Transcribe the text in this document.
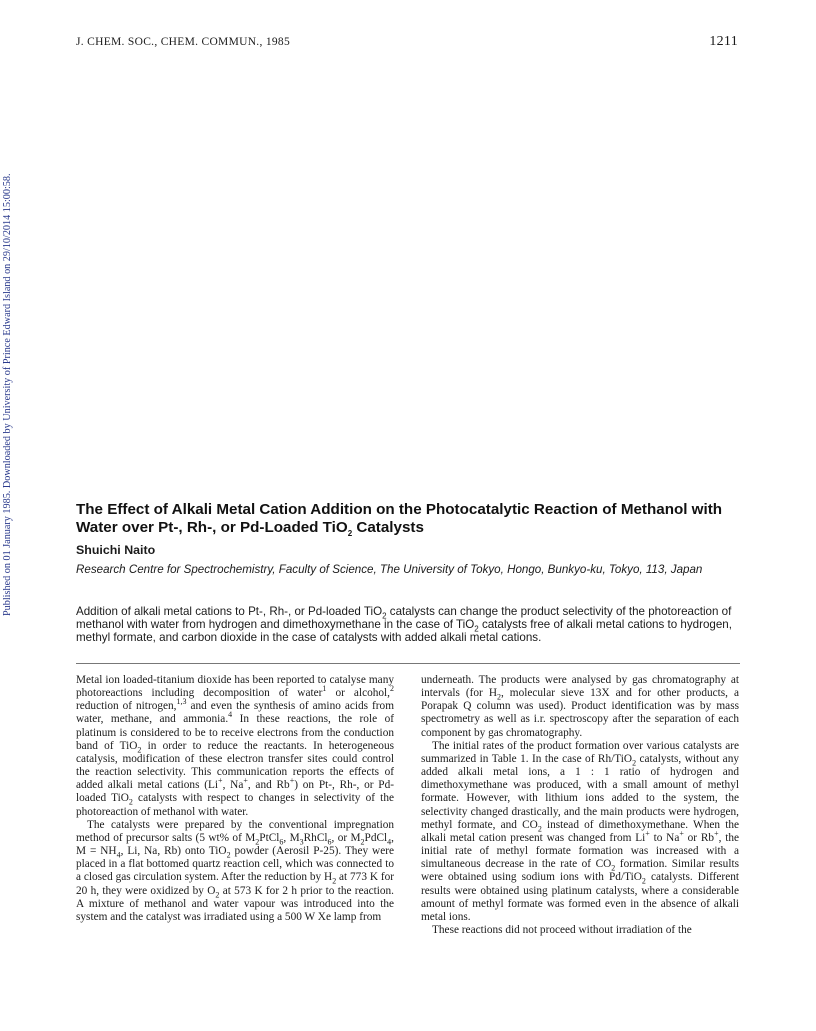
J. CHEM. SOC., CHEM. COMMUN., 1985	1211
Published on 01 January 1985. Downloaded by University of Prince Edward Island on 29/10/2014 15:00:58.	The Effect of Alkali Metal Cation Addition on the Photocatalytic Reaction of Methanol with Water over Pt-, Rh-, or Pd-Loaded TiO$_2$ Catalysts

Shuichi Naito

Research Centre for Spectrochemistry, Faculty of Science, The University of Tokyo, Hongo, Bunkyo-ku, Tokyo, 113, Japan

Addition of alkali metal cations to Pt-, Rh-, or Pd-loaded TiO$_2$ catalysts can change the product selectivity of the photoreaction of methanol with water from hydrogen and dimethoxymethane in the case of TiO$_2$ catalysts free of alkali metal cations to hydrogen, methyl formate, and carbon dioxide in the case of catalysts with added alkali metal cations.

Metal ion loaded-titanium dioxide has been reported to catalyse many photoreactions including decomposition of water$^1$ or alcohol,$^2$ reduction of nitrogen,$^{1,3}$ and even the synthesis of amino acids from water, methane, and ammonia.$^4$ In these reactions, the role of platinum is considered to be to receive electrons from the conduction band of TiO$_2$ in order to reduce the reactants. In heterogeneous catalysis, modification of these electron transfer sites could control the reaction selectivity. This communication reports the effects of added alkali metal cations (Li+, Na+, and Rb+) on Pt-, Rh-, or Pd-loaded TiO$_2$ catalysts with respect to changes in selectivity of the photoreaction of methanol with water.

The catalysts were prepared by the conventional impregnation method of precursor salts (5 wt% of $M_2PtCl_6$, $M_3RhCl_6$, or $M_2PdCl_4$, $M = NH_4$, Li, Na, Rb) onto TiO$_2$ powder (Aerosil P-25). They were placed in a flat bottomed quartz reaction cell, which was connected to a closed gas circulation system. After the reduction by $H_2$ at 773 K for 20 h, they were oxidized by $O_2$ at 573 K for 2 h prior to the reaction. A mixture of methanol and water vapour was introduced into the system and the catalyst was irradiated using a 500 W Xe lamp from

underneath. The products were analysed by gas chromatography at intervals (for $H_2$, molecular sieve 13X and for other products, a Porapak Q column was used). Product identification was by mass spectrometry as well as i.r. spectroscopy after the separation of each component by gas chromatography.

The initial rates of the product formation over various catalysts are summarized in Table 1. In the case of Rh/TiO$_2$ catalysts, without any added alkali metal ions, a 1 : 1 ratio of hydrogen and dimethoxymethane was produced, with a small amount of methyl formate. However, with lithium ions added to the system, the selectivity changed drastically, and the main products were hydrogen, methyl formate, and $CO_2$ instead of dimethoxymethane. When the alkali metal cation present was changed from Li+ to Na+ or Rb+, the initial rate of methyl formate formation was increased with a simultaneous decrease in the rate of $CO_2$ formation. Similar results were obtained using sodium ions with Pd/TiO$_2$ catalysts. Different results were obtained using platinum catalysts, where a considerable amount of methyl formate was formed even in the absence of alkali metal ions.

These reactions did not proceed without irradiation of the
